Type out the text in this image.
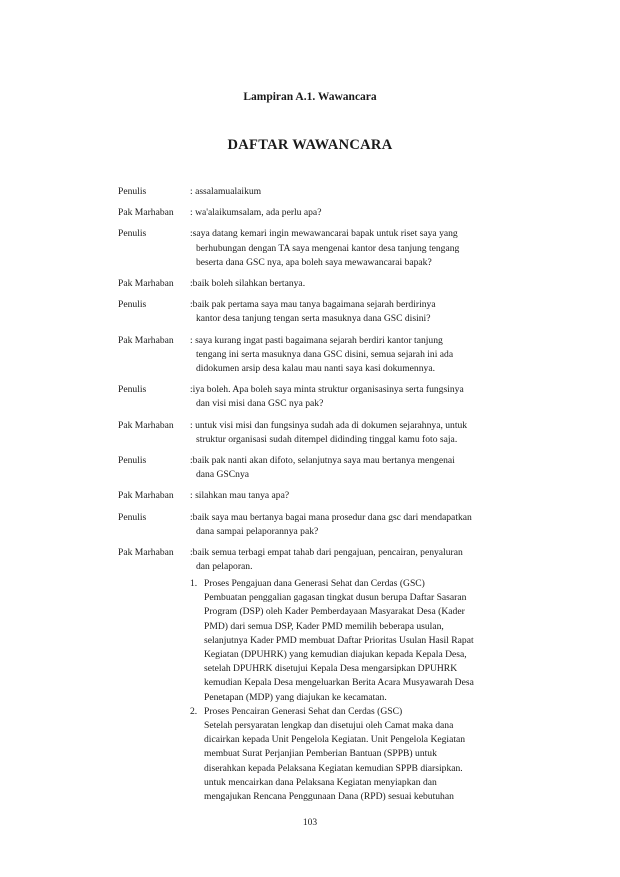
Lampiran A.1. Wawancara
DAFTAR WAWANCARA
Penulis	: assalamualaikum
Pak Marhaban	: wa'alaikumsalam, ada perlu apa?
Penulis	:saya datang kemari ingin mewawancarai bapak untuk riset saya yang
berhubungan dengan TA saya mengenai kantor desa tanjung tengang
beserta dana GSC nya, apa boleh saya mewawancarai bapak?
Pak Marhaban	:baik boleh silahkan bertanya.
Penulis	:baik pak pertama saya mau tanya bagaimana sejarah berdirinya
kantor desa tanjung tengan serta masuknya dana GSC disini?
Pak Marhaban	: saya kurang ingat pasti bagaimana sejarah berdiri kantor tanjung
tengang ini serta masuknya dana GSC disini, semua sejarah ini ada
didokumen arsip desa kalau mau nanti saya kasi dokumennya.
Penulis	:iya boleh. Apa boleh saya minta struktur organisasinya serta fungsinya
dan visi misi dana GSC nya pak?
Pak Marhaban	: untuk visi misi dan fungsinya sudah ada di dokumen sejarahnya, untuk
struktur organisasi sudah ditempel didinding tinggal kamu foto saja.
Penulis	:baik pak nanti akan difoto, selanjutnya saya mau bertanya mengenai
dana GSCnya
Pak Marhaban	: silahkan mau tanya apa?
Penulis	:baik saya mau bertanya bagai mana prosedur dana gsc dari mendapatkan
dana sampai pelaporannya pak?
Pak Marhaban	:baik semua terbagi empat tahab dari pengajuan, pencairan, penyaluran
dan pelaporan.
1. Proses Pengajuan dana Generasi Sehat dan Cerdas (GSC)
Pembuatan penggalian gagasan tingkat dusun berupa Daftar Sasaran
Program (DSP) oleh Kader Pemberdayaan Masyarakat Desa (Kader
PMD) dari semua DSP, Kader PMD memilih beberapa usulan,
selanjutnya Kader PMD membuat Daftar Prioritas Usulan Hasil Rapat
Kegiatan (DPUHRK) yang kemudian diajukan kepada Kepala Desa,
setelah DPUHRK disetujui Kepala Desa mengarsipkan DPUHRK
kemudian Kepala Desa mengeluarkan Berita Acara Musyawarah Desa
Penetapan (MDP) yang diajukan ke kecamatan.
2. Proses Pencairan Generasi Sehat dan Cerdas (GSC)
Setelah persyaratan lengkap dan disetujui oleh Camat maka dana
dicairkan kepada Unit Pengelola Kegiatan. Unit Pengelola Kegiatan
membuat Surat Perjanjian Pemberian Bantuan (SPPB) untuk
diserahkan kepada Pelaksana Kegiatan kemudian SPPB diarsipkan.
untuk mencairkan dana Pelaksana Kegiatan menyiapkan dan
mengajukan Rencana Penggunaan Dana (RPD) sesuai kebutuhan
103
